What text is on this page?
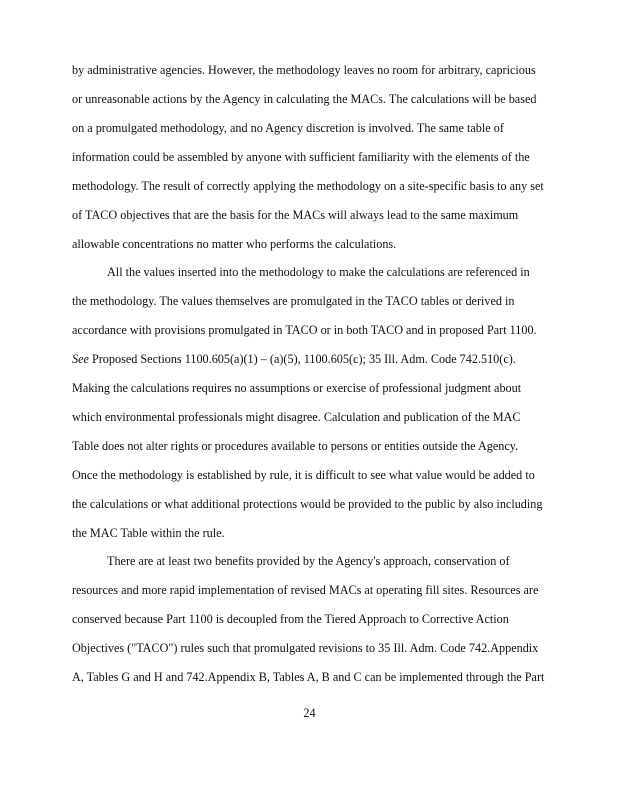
by administrative agencies. However, the methodology leaves no room for arbitrary, capricious
or unreasonable actions by the Agency in calculating the MACs. The calculations will be based
on a promulgated methodology, and no Agency discretion is involved. The same table of
information could be assembled by anyone with sufficient familiarity with the elements of the
methodology. The result of correctly applying the methodology on a site-specific basis to any set
of TACO objectives that are the basis for the MACs will always lead to the same maximum
allowable concentrations no matter who performs the calculations.
All the values inserted into the methodology to make the calculations are referenced in
the methodology. The values themselves are promulgated in the TACO tables or derived in
accordance with provisions promulgated in TACO or in both TACO and in proposed Part 1100.
See Proposed Sections 1100.605(a)(1) – (a)(5), 1100.605(c); 35 Ill. Adm. Code 742.510(c).
Making the calculations requires no assumptions or exercise of professional judgment about
which environmental professionals might disagree. Calculation and publication of the MAC
Table does not alter rights or procedures available to persons or entities outside the Agency.
Once the methodology is established by rule, it is difficult to see what value would be added to
the calculations or what additional protections would be provided to the public by also including
the MAC Table within the rule.
There are at least two benefits provided by the Agency's approach, conservation of
resources and more rapid implementation of revised MACs at operating fill sites. Resources are
conserved because Part 1100 is decoupled from the Tiered Approach to Corrective Action
Objectives ("TACO") rules such that promulgated revisions to 35 Ill. Adm. Code 742.Appendix
A, Tables G and H and 742.Appendix B, Tables A, B and C can be implemented through the Part
24
